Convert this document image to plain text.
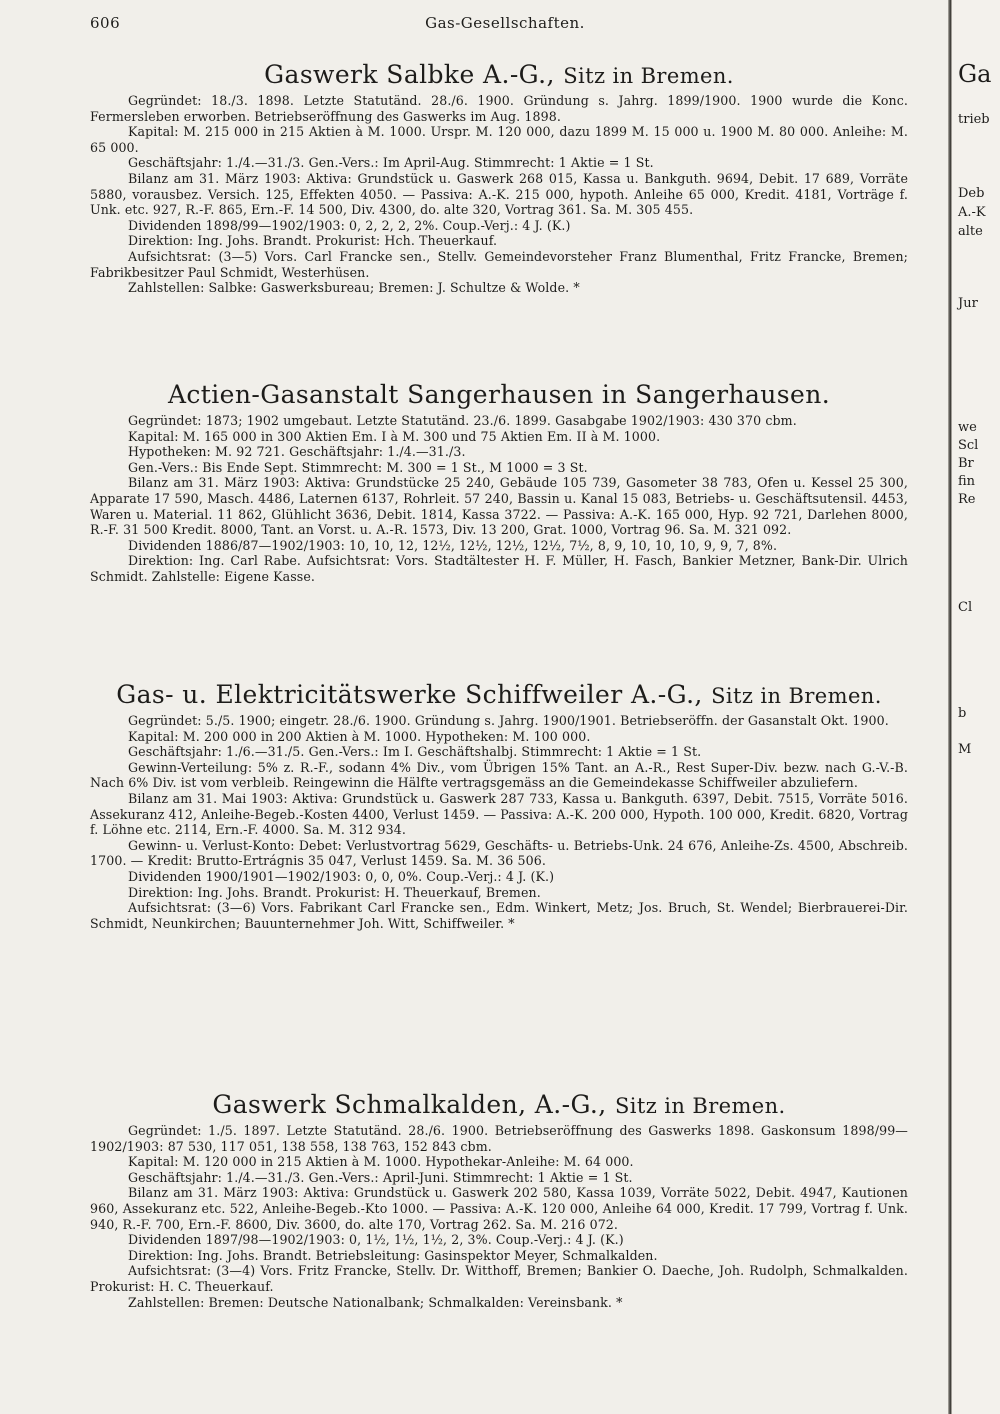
606	Gas-Gesellschaften.
Gaswerk Salbke A.-G., Sitz in Bremen.

Gegründet: 18./3. 1898. Letzte Statutänd. 28./6. 1900. Gründung s. Jahrg. 1899/1900. 1900 wurde die Konc. Fermersleben erworben. Betriebseröffnung des Gaswerks im Aug. 1898.

Kapital: M. 215 000 in 215 Aktien à M. 1000. Urspr. M. 120 000, dazu 1899 M. 15 000 u. 1900 M. 80 000. Anleihe: M. 65 000.

Geschäftsjahr: 1./4.—31./3. Gen.-Vers.: Im April-Aug. Stimmrecht: 1 Aktie = 1 St.

Bilanz am 31. März 1903: Aktiva: Grundstück u. Gaswerk 268 015, Kassa u. Bankguth. 9694, Debit. 17 689, Vorräte 5880, vorausbez. Versich. 125, Effekten 4050. — Passiva: A.-K. 215 000, hypoth. Anleihe 65 000, Kredit. 4181, Vorträge f. Unk. etc. 927, R.-F. 865, Ern.-F. 14 500, Div. 4300, do. alte 320, Vortrag 361. Sa. M. 305 455.

Dividenden 1898/99—1902/1903: 0, 2, 2, 2, 2%. Coup.-Verj.: 4 J. (K.)

Direktion: Ing. Johs. Brandt. Prokurist: Hch. Theuerkauf.

Aufsichtsrat: (3—5) Vors. Carl Francke sen., Stellv. Gemeindevorsteher Franz Blumenthal, Fritz Francke, Bremen; Fabrikbesitzer Paul Schmidt, Westerhüsen.

Zahlstellen: Salbke: Gaswerksbureau; Bremen: J. Schultze & Wolde. *

Actien-Gasanstalt Sangerhausen in Sangerhausen.

Gegründet: 1873; 1902 umgebaut. Letzte Statutänd. 23./6. 1899. Gasabgabe 1902/1903: 430 370 cbm.

Kapital: M. 165 000 in 300 Aktien Em. I à M. 300 und 75 Aktien Em. II à M. 1000.

Hypotheken: M. 92 721. Geschäftsjahr: 1./4.—31./3.

Gen.-Vers.: Bis Ende Sept. Stimmrecht: M. 300 = 1 St., M 1000 = 3 St.

Bilanz am 31. März 1903: Aktiva: Grundstücke 25 240, Gebäude 105 739, Gasometer 38 783, Ofen u. Kessel 25 300, Apparate 17 590, Masch. 4486, Laternen 6137, Rohrleit. 57 240, Bassin u. Kanal 15 083, Betriebs- u. Geschäftsutensil. 4453, Waren u. Material. 11 862, Glühlicht 3636, Debit. 1814, Kassa 3722. — Passiva: A.-K. 165 000, Hyp. 92 721, Darlehen 8000, R.-F. 31 500 Kredit. 8000, Tant. an Vorst. u. A.-R. 1573, Div. 13 200, Grat. 1000, Vortrag 96. Sa. M. 321 092.

Dividenden 1886/87—1902/1903: 10, 10, 12, 12½, 12½, 12½, 12½, 7½, 8, 9, 10, 10, 10, 9, 9, 7, 8%.

Direktion: Ing. Carl Rabe. Aufsichtsrat: Vors. Stadtältester H. F. Müller, H. Fasch, Bankier Metzner, Bank-Dir. Ulrich Schmidt. Zahlstelle: Eigene Kasse.

Gas- u. Elektricitätswerke Schiffweiler A.-G., Sitz in Bremen.

Gegründet: 5./5. 1900; eingetr. 28./6. 1900. Gründung s. Jahrg. 1900/1901. Betriebseröffn. der Gasanstalt Okt. 1900.

Kapital: M. 200 000 in 200 Aktien à M. 1000. Hypotheken: M. 100 000.

Geschäftsjahr: 1./6.—31./5. Gen.-Vers.: Im I. Geschäftshalbj. Stimmrecht: 1 Aktie = 1 St.

Gewinn-Verteilung: 5% z. R.-F., sodann 4% Div., vom Übrigen 15% Tant. an A.-R., Rest Super-Div. bezw. nach G.-V.-B. Nach 6% Div. ist vom verbleib. Reingewinn die Hälfte vertragsgemäss an die Gemeindekasse Schiffweiler abzuliefern.

Bilanz am 31. Mai 1903: Aktiva: Grundstück u. Gaswerk 287 733, Kassa u. Bankguth. 6397, Debit. 7515, Vorräte 5016. Assekuranz 412, Anleihe-Begeb.-Kosten 4400, Verlust 1459. — Passiva: A.-K. 200 000, Hypoth. 100 000, Kredit. 6820, Vortrag f. Löhne etc. 2114, Ern.-F. 4000. Sa. M. 312 934.

Gewinn- u. Verlust-Konto: Debet: Verlustvortrag 5629, Geschäfts- u. Betriebs-Unk. 24 676, Anleihe-Zs. 4500, Abschreib. 1700. — Kredit: Brutto-Ertrágnis 35 047, Verlust 1459. Sa. M. 36 506.

Dividenden 1900/1901—1902/1903: 0, 0, 0%. Coup.-Verj.: 4 J. (K.)

Direktion: Ing. Johs. Brandt. Prokurist: H. Theuerkauf, Bremen.

Aufsichtsrat: (3—6) Vors. Fabrikant Carl Francke sen., Edm. Winkert, Metz; Jos. Bruch, St. Wendel; Bierbrauerei-Dir. Schmidt, Neunkirchen; Bauunternehmer Joh. Witt, Schiffweiler. *

Gaswerk Schmalkalden, A.-G., Sitz in Bremen.

Gegründet: 1./5. 1897. Letzte Statutänd. 28./6. 1900. Betriebseröffnung des Gaswerks 1898. Gaskonsum 1898/99—1902/1903: 87 530, 117 051, 138 558, 138 763, 152 843 cbm.

Kapital: M. 120 000 in 215 Aktien à M. 1000. Hypothekar-Anleihe: M. 64 000.

Geschäftsjahr: 1./4.—31./3. Gen.-Vers.: April-Juni. Stimmrecht: 1 Aktie = 1 St.

Bilanz am 31. März 1903: Aktiva: Grundstück u. Gaswerk 202 580, Kassa 1039, Vorräte 5022, Debit. 4947, Kautionen 960, Assekuranz etc. 522, Anleihe-Begeb.-Kto 1000. — Passiva: A.-K. 120 000, Anleihe 64 000, Kredit. 17 799, Vortrag f. Unk. 940, R.-F. 700, Ern.-F. 8600, Div. 3600, do. alte 170, Vortrag 262. Sa. M. 216 072.

Dividenden 1897/98—1902/1903: 0, 1½, 1½, 1½, 2, 3%. Coup.-Verj.: 4 J. (K.)

Direktion: Ing. Johs. Brandt. Betriebsleitung: Gasinspektor Meyer, Schmalkalden.

Aufsichtsrat: (3—4) Vors. Fritz Francke, Stellv. Dr. Witthoff, Bremen; Bankier O. Daeche, Joh. Rudolph, Schmalkalden. Prokurist: H. C. Theuerkauf.

Zahlstellen: Bremen: Deutsche Nationalbank; Schmalkalden: Vereinsbank. *

Ga
trieb
Deb
A.-K
alte
Jur
we
Scl
Br
fin
Re
Cl
b
M
